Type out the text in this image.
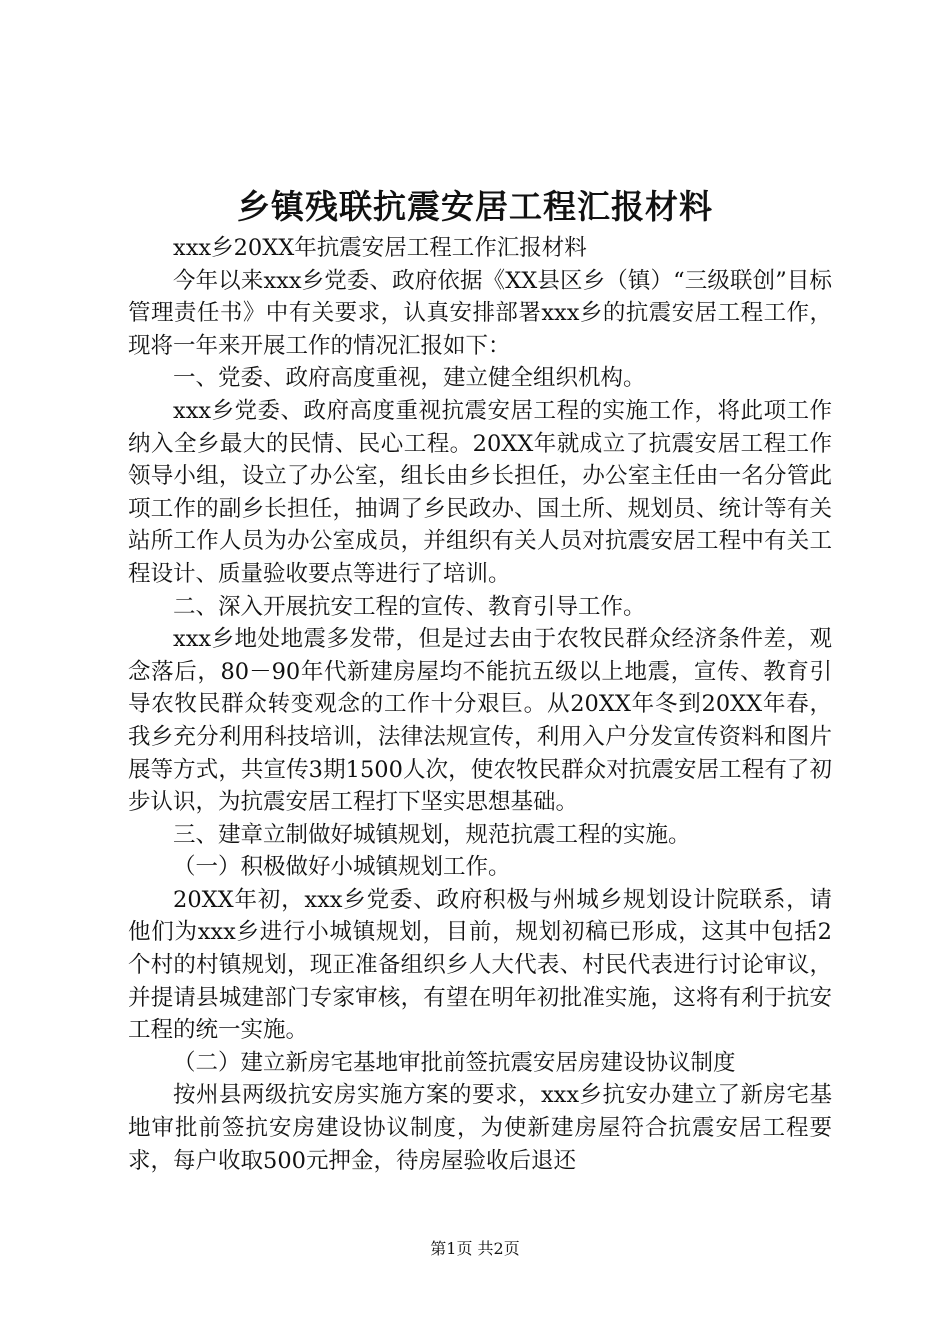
乡镇残联抗震安居工程汇报材料

xxx乡20XX年抗震安居工程工作汇报材料

今年以来xxx乡党委、政府依据《XX县区乡（镇）“三级联创”目标管理责任书》中有关要求，认真安排部署xxx乡的抗震安居工程工作，现将一年来开展工作的情况汇报如下：

一、党委、政府高度重视，建立健全组织机构。

xxx乡党委、政府高度重视抗震安居工程的实施工作，将此项工作纳入全乡最大的民情、民心工程。20XX年就成立了抗震安居工程工作领导小组，设立了办公室，组长由乡长担任，办公室主任由一名分管此项工作的副乡长担任，抽调了乡民政办、国土所、规划员、统计等有关站所工作人员为办公室成员，并组织有关人员对抗震安居工程中有关工程设计、质量验收要点等进行了培训。

二、深入开展抗安工程的宣传、教育引导工作。

xxx乡地处地震多发带，但是过去由于农牧民群众经济条件差，观念落后，80－90年代新建房屋均不能抗五级以上地震，宣传、教育引导农牧民群众转变观念的工作十分艰巨。从20XX年冬到20XX年春，我乡充分利用科技培训，法律法规宣传，利用入户分发宣传资料和图片展等方式，共宣传3期1500人次，使农牧民群众对抗震安居工程有了初步认识，为抗震安居工程打下坚实思想基础。

三、建章立制做好城镇规划，规范抗震工程的实施。

（一）积极做好小城镇规划工作。

20XX年初，xxx乡党委、政府积极与州城乡规划设计院联系，请他们为xxx乡进行小城镇规划，目前，规划初稿已形成，这其中包括2个村的村镇规划，现正准备组织乡人大代表、村民代表进行讨论审议，并提请县城建部门专家审核，有望在明年初批准实施，这将有利于抗安工程的统一实施。

（二）建立新房宅基地审批前签抗震安居房建设协议制度

按州县两级抗安房实施方案的要求，xxx乡抗安办建立了新房宅基地审批前签抗安房建设协议制度，为使新建房屋符合抗震安居工程要求，每户收取500元押金，待房屋验收后退还

第1页 共2页
